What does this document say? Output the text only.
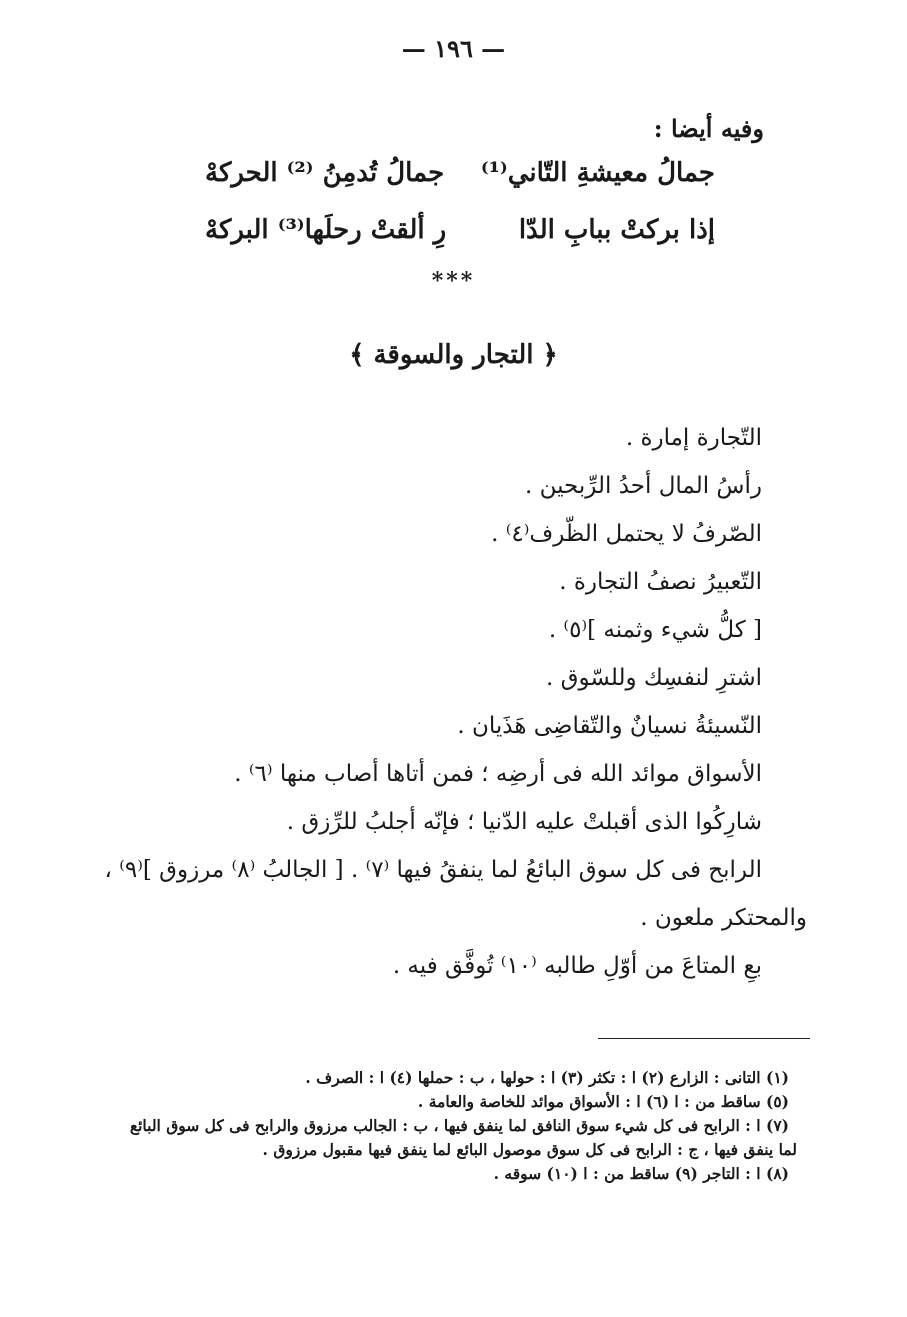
— ١٩٦ —
وفيه أيضا :
جمالُ معيشةِ التّاني⁽¹⁾
جمالُ تُدمِنُ ⁽²⁾ الحركهْ
إذا بركتْ ببابِ الدّا
رِ ألقتْ رحلَها⁽³⁾ البركهْ
***
﴿ التجار والسوقة ﴾
التّجارة إمارة .
رأسُ المال أحدُ الرِّبحين .
الصّرفُ لا يحتمل الظّرف⁽٤⁾ .
التّعبيرُ نصفُ التجارة .
[ كلُّ شيء وثمنه ]⁽٥⁾ .
اشترِ لنفسِك وللسّوق .
النّسيئةُ نسيانٌ والتّقاضِى هَذَيان .
الأسواق موائد الله فى أرضِه ؛ فمن أتاها أصاب منها ⁽٦⁾ .
شارِكُوا الذى أقبلتْ عليه الدّنيا ؛ فإنّه أجلبُ للرِّزق .
الرابح فى كل سوق البائعُ لما ينفقُ فيها ⁽٧⁾ . [ الجالبُ ⁽٨⁾ مرزوق ]⁽٩⁾ ،
والمحتكر ملعون .
بعِ المتاعَ من أوّلِ طالبه ⁽١٠⁾ تُوفَّق فيه .
(١) التانى : الزارع (٢) ا : تكثر (٣) ا : حولها ، ب : حملها (٤) ا : الصرف .
(٥) ساقط من : ا (٦) ا : الأسواق موائد للخاصة والعامة .
(٧) ا : الرابح فى كل شيء سوق النافق لما ينفق فيها ، ب : الجالب مرزوق والرابح فى كل سوق البائع
لما ينفق فيها ، ج : الرابح فى كل سوق موصول البائع لما ينفق فيها مقبول مرزوق .
(٨) ا : التاجر (٩) ساقط من : ا (١٠) سوقه .
